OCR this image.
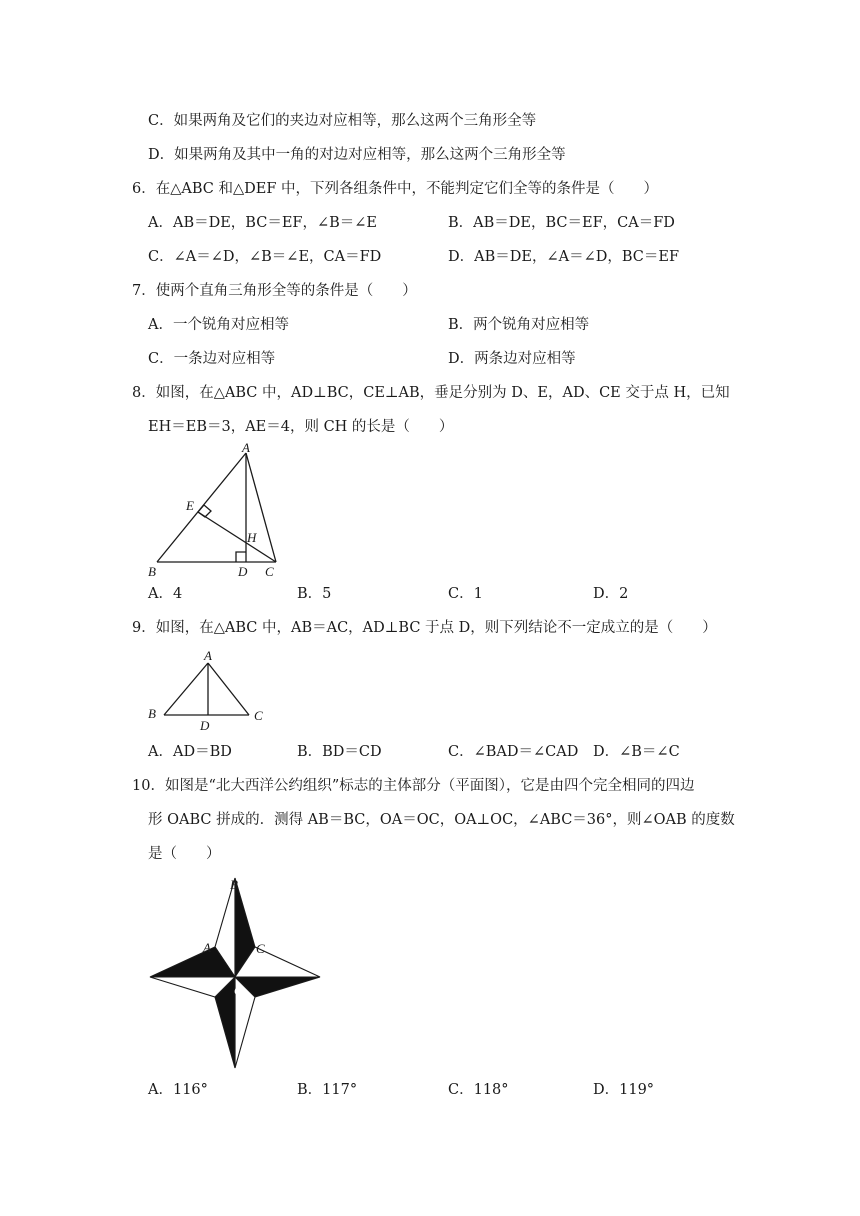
C．如果两角及它们的夹边对应相等，那么这两个三角形全等
D．如果两角及其中一角的对边对应相等，那么这两个三角形全等
6．在△ABC 和△DEF 中，下列各组条件中，不能判定它们全等的条件是（　　）
A．AB＝DE，BC＝EF，∠B＝∠E	B．AB＝DE，BC＝EF，CA＝FD
C．∠A＝∠D，∠B＝∠E，CA＝FD	D．AB＝DE，∠A＝∠D，BC＝EF
7．使两个直角三角形全等的条件是（　　）
A．一个锐角对应相等	B．两个锐角对应相等
C．一条边对应相等	D．两条边对应相等
8．如图，在△ABC 中，AD⊥BC，CE⊥AB，垂足分别为 D、E，AD、CE 交于点 H，已知
EH＝EB＝3，AE＝4，则 CH 的长是（　　）
A
B	C
D
E
H
A．4	B．5	C．1	D．2
9．如图，在△ABC 中，AB＝AC，AD⊥BC 于点 D，则下列结论不一定成立的是（　　）
A
B	C
D
A．AD＝BD	B．BD＝CD	C．∠BAD＝∠CAD D．∠B＝∠C
10．如图是“北大西洋公约组织”标志的主体部分（平面图），它是由四个完全相同的四边
形 OABC 拼成的．测得 AB＝BC，OA＝OC，OA⊥OC，∠ABC＝36°，则∠OAB 的度数
是（　　）
B
A	C
O
A．116°	B．117°	C．118°	D．119°
